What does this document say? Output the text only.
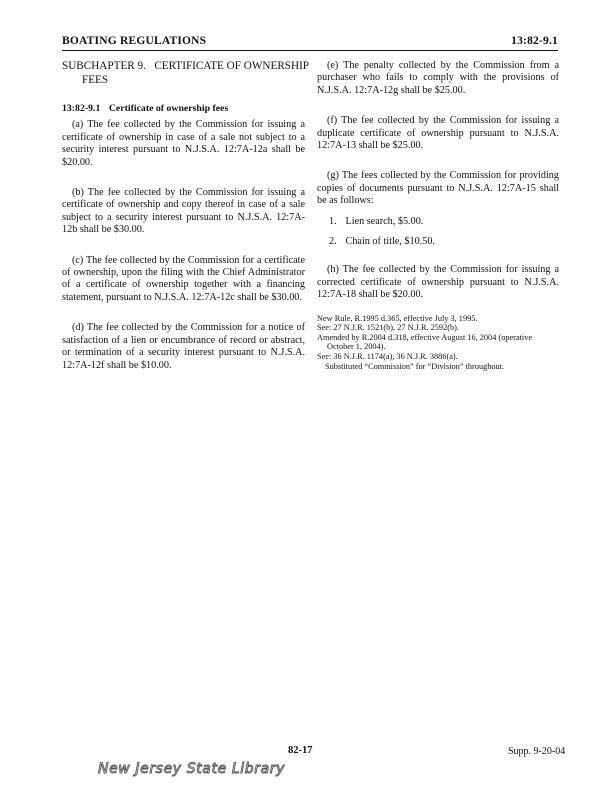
BOATING REGULATIONS	13:82-9.1
SUBCHAPTER 9.   CERTIFICATE OF OWNERSHIP
FEES
13:82-9.1 Certificate of ownership fees

(a) The fee collected by the Commission for issuing a certificate of ownership in case of a sale not subject to a security interest pursuant to N.J.S.A. 12:7A-12a shall be $20.00.

(b) The fee collected by the Commission for issuing a certificate of ownership and copy thereof in case of a sale subject to a security interest pursuant to N.J.S.A. 12:7A-12b shall be $30.00.

(c) The fee collected by the Commission for a certificate of ownership, upon the filing with the Chief Administrator of a certificate of ownership together with a financing statement, pursuant to N.J.S.A. 12:7A-12c shall be $30.00.

(d) The fee collected by the Commission for a notice of satisfaction of a lien or encumbrance of record or abstract, or termination of a security interest pursuant to N.J.S.A. 12:7A-12f shall be $10.00.

(e) The penalty collected by the Commission from a purchaser who fails to comply with the provisions of N.J.S.A. 12:7A-12g shall be $25.00.

(f) The fee collected by the Commission for issuing a duplicate certificate of ownership pursuant to N.J.S.A. 12:7A-13 shall be $25.00.

(g) The fees collected by the Commission for providing copies of documents pursuant to N.J.S.A. 12:7A-15 shall be as follows:

1. Lien search, $5.00.
2. Chain of title, $10.50.

(h) The fee collected by the Commission for issuing a corrected certificate of ownership pursuant to N.J.S.A. 12:7A-18 shall be $20.00.

New Rule, R.1995 d.365, effective July 3, 1995.
See: 27 N.J.R. 1521(b), 27 N.J.R. 2592(b).
Amended by R.2004 d.318, effective August 16, 2004 (operative October 1, 2004).
See: 36 N.J.R. 1174(a), 36 N.J.R. 3886(a).
Substituted “Commission” for “Division” throughout.
82-17	Supp. 9-20-04
New Jersey State Library
